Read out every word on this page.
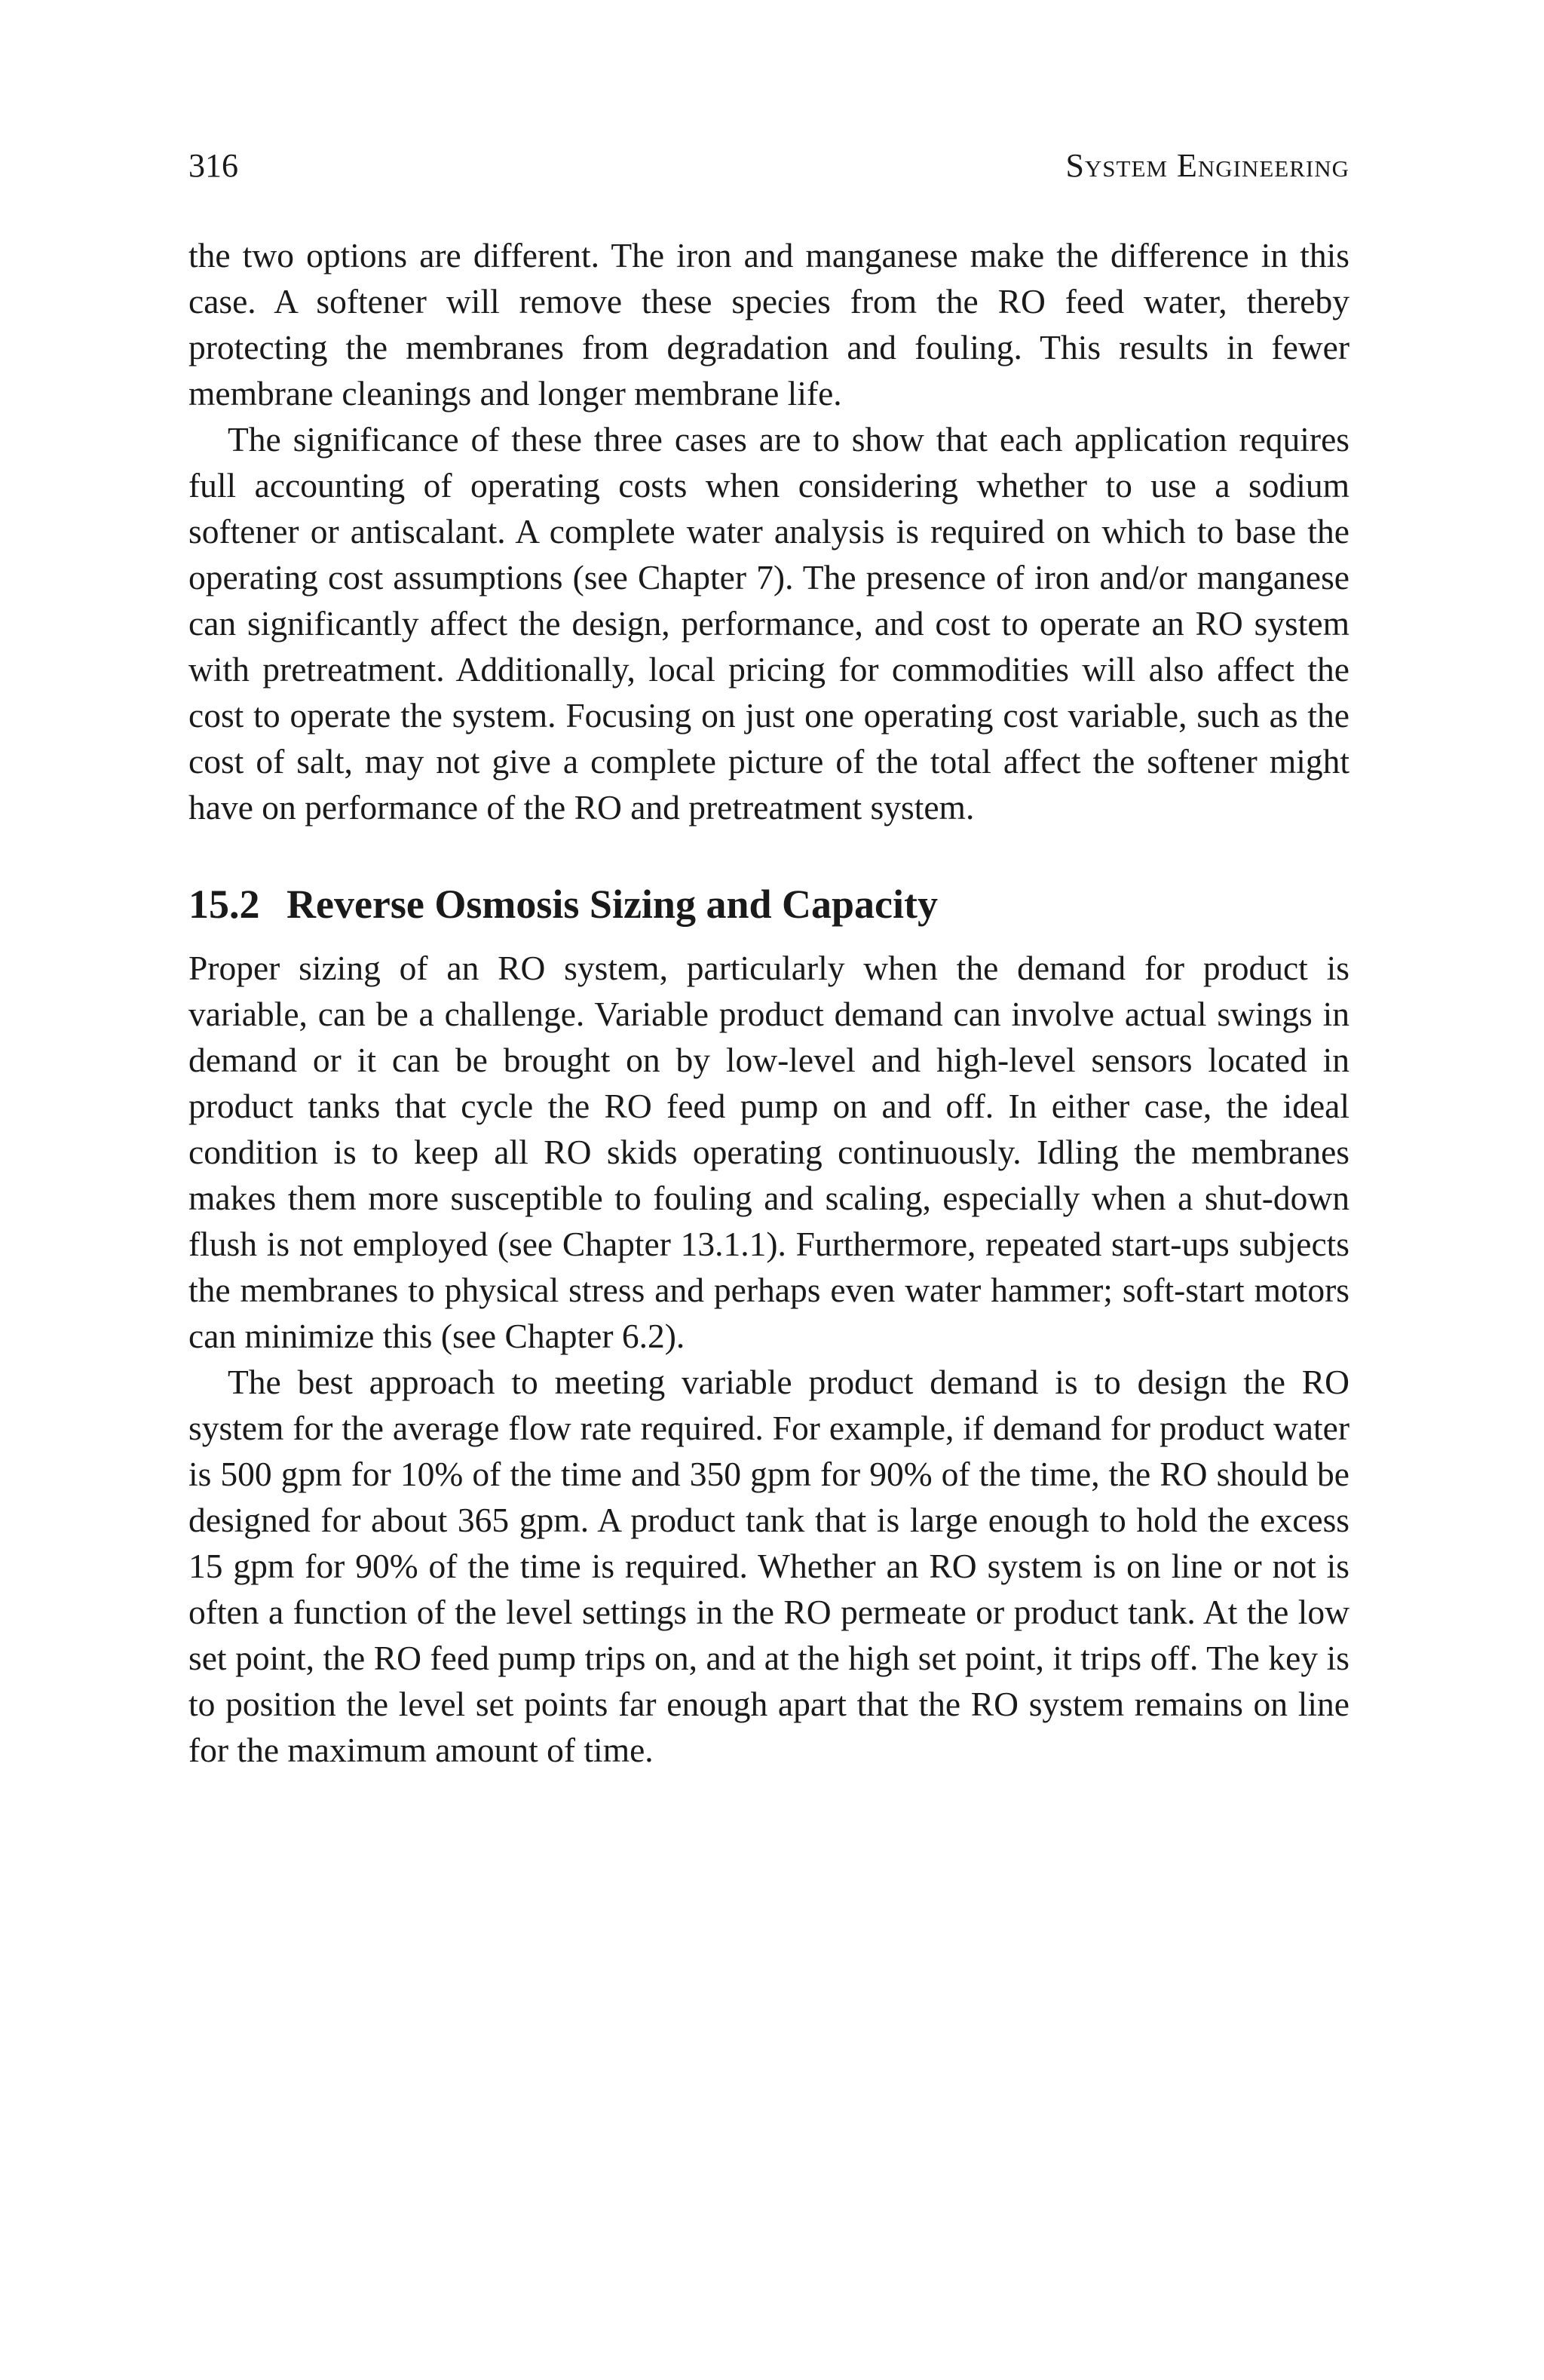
316	System Engineering

the two options are different. The iron and manganese make the difference in this case. A softener will remove these species from the RO feed water, thereby protecting the membranes from degradation and fouling. This results in fewer membrane cleanings and longer membrane life.

The significance of these three cases are to show that each application requires full accounting of operating costs when considering whether to use a sodium softener or antiscalant. A complete water analysis is required on which to base the operating cost assumptions (see Chapter 7). The presence of iron and/or manganese can significantly affect the design, performance, and cost to operate an RO system with pretreatment. Additionally, local pricing for commodities will also affect the cost to operate the system. Focusing on just one operating cost variable, such as the cost of salt, may not give a complete picture of the total affect the softener might have on performance of the RO and pretreatment system.

15.2 Reverse Osmosis Sizing and Capacity

Proper sizing of an RO system, particularly when the demand for product is variable, can be a challenge. Variable product demand can involve actual swings in demand or it can be brought on by low-level and high-level sensors located in product tanks that cycle the RO feed pump on and off. In either case, the ideal condition is to keep all RO skids operating continuously. Idling the membranes makes them more susceptible to fouling and scaling, especially when a shut-down flush is not employed (see Chapter 13.1.1). Furthermore, repeated start-ups subjects the membranes to physical stress and perhaps even water hammer; soft-start motors can minimize this (see Chapter 6.2).

The best approach to meeting variable product demand is to design the RO system for the average flow rate required. For example, if demand for product water is 500 gpm for 10% of the time and 350 gpm for 90% of the time, the RO should be designed for about 365 gpm. A product tank that is large enough to hold the excess 15 gpm for 90% of the time is required. Whether an RO system is on line or not is often a function of the level settings in the RO permeate or product tank. At the low set point, the RO feed pump trips on, and at the high set point, it trips off. The key is to position the level set points far enough apart that the RO system remains on line for the maximum amount of time.
